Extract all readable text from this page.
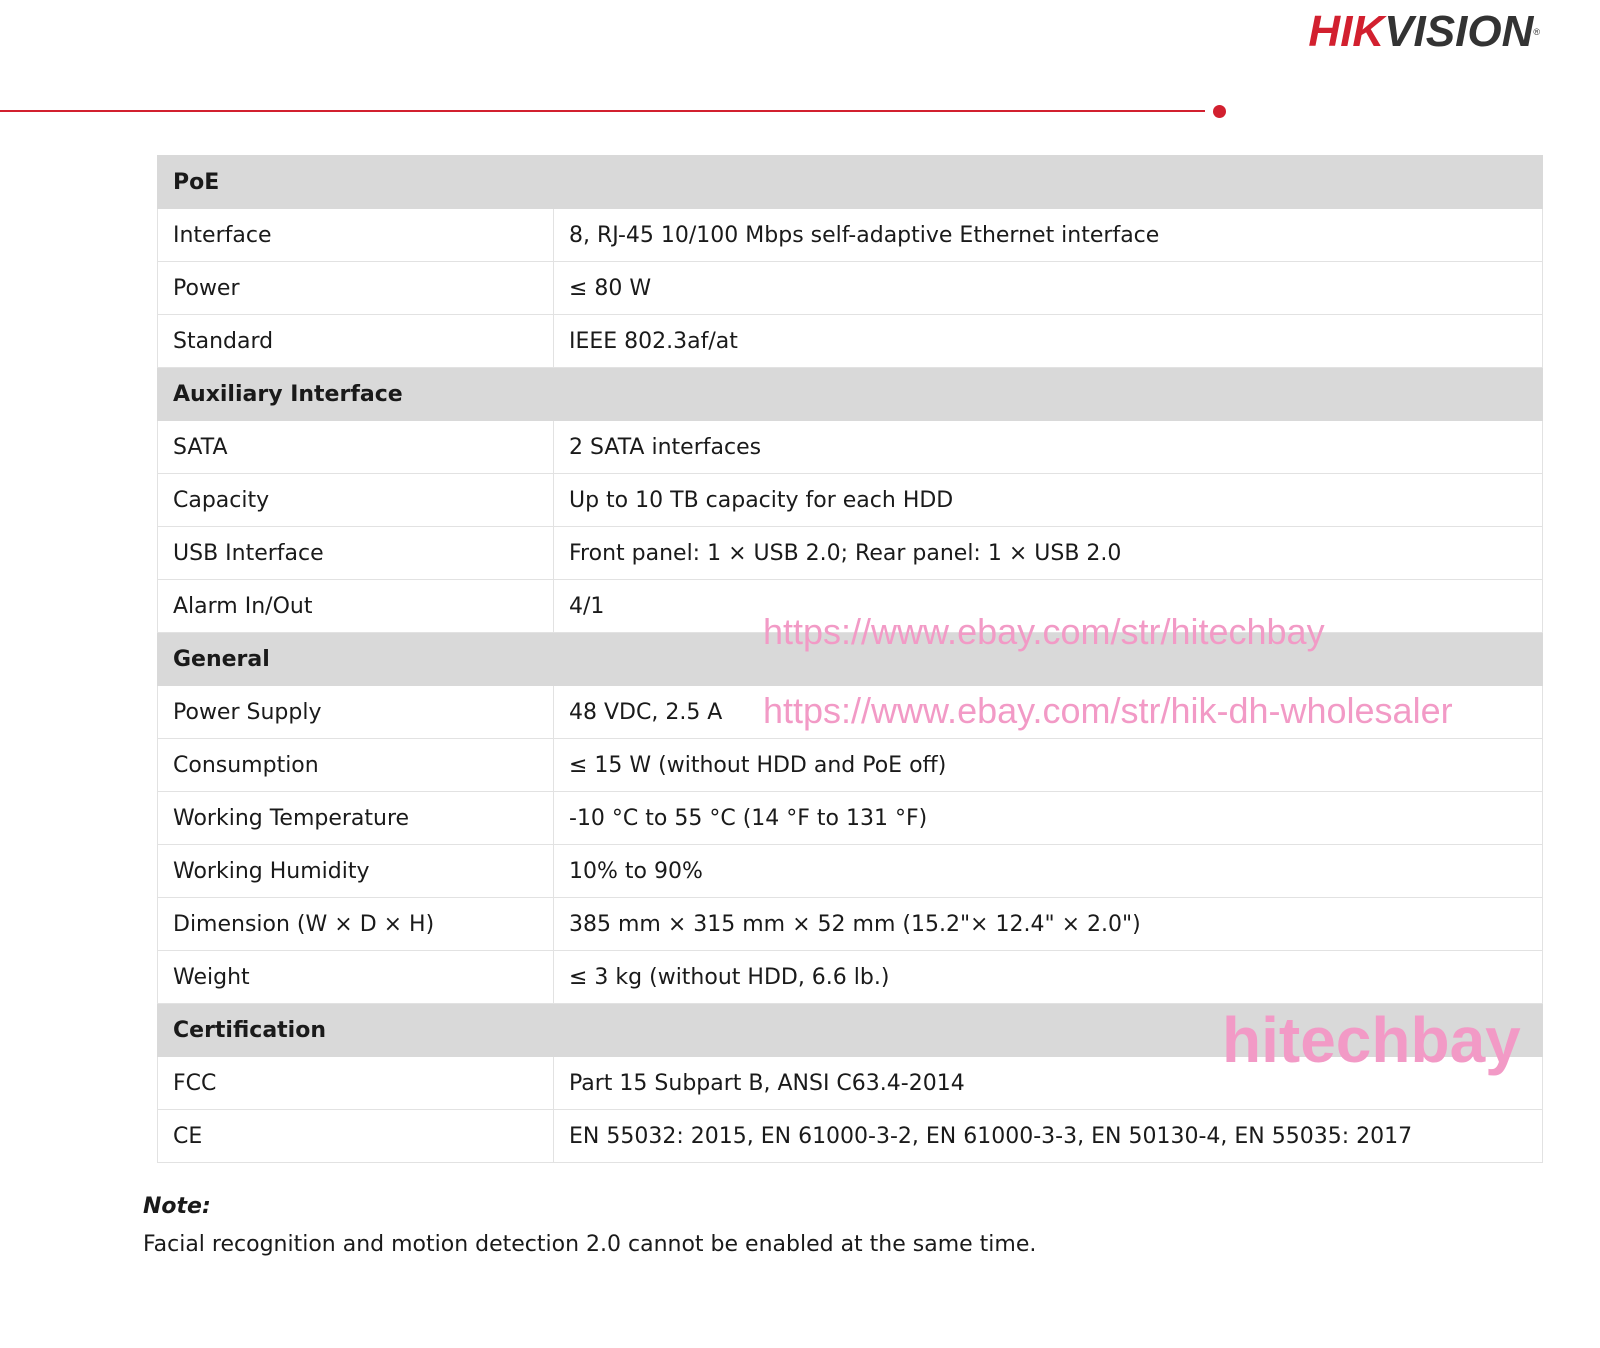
HIKVISION®
PoE	
Interface	8, RJ-45 10/100 Mbps self-adaptive Ethernet interface
Power	≤ 80 W
Standard	IEEE 802.3af/at
Auxiliary Interface	
SATA	2 SATA interfaces
Capacity	Up to 10 TB capacity for each HDD
USB Interface	Front panel: 1 × USB 2.0; Rear panel: 1 × USB 2.0
Alarm In/Out	4/1
General	
Power Supply	48 VDC, 2.5 A
Consumption	≤ 15 W (without HDD and PoE off)
Working Temperature	-10 °C to 55 °C (14 °F to 131 °F)
Working Humidity	10% to 90%
Dimension (W × D × H)	385 mm × 315 mm × 52 mm (15.2"× 12.4" × 2.0")
Weight	≤ 3 kg (without HDD, 6.6 lb.)
Certification	
FCC	Part 15 Subpart B, ANSI C63.4-2014
CE	EN 55032: 2015, EN 61000-3-2, EN 61000-3-3, EN 50130-4, EN 55035: 2017
Note:
Facial recognition and motion detection 2.0 cannot be enabled at the same time.
https://www.ebay.com/str/hitechbay
https://www.ebay.com/str/hik-dh-wholesaler
hitechbay
